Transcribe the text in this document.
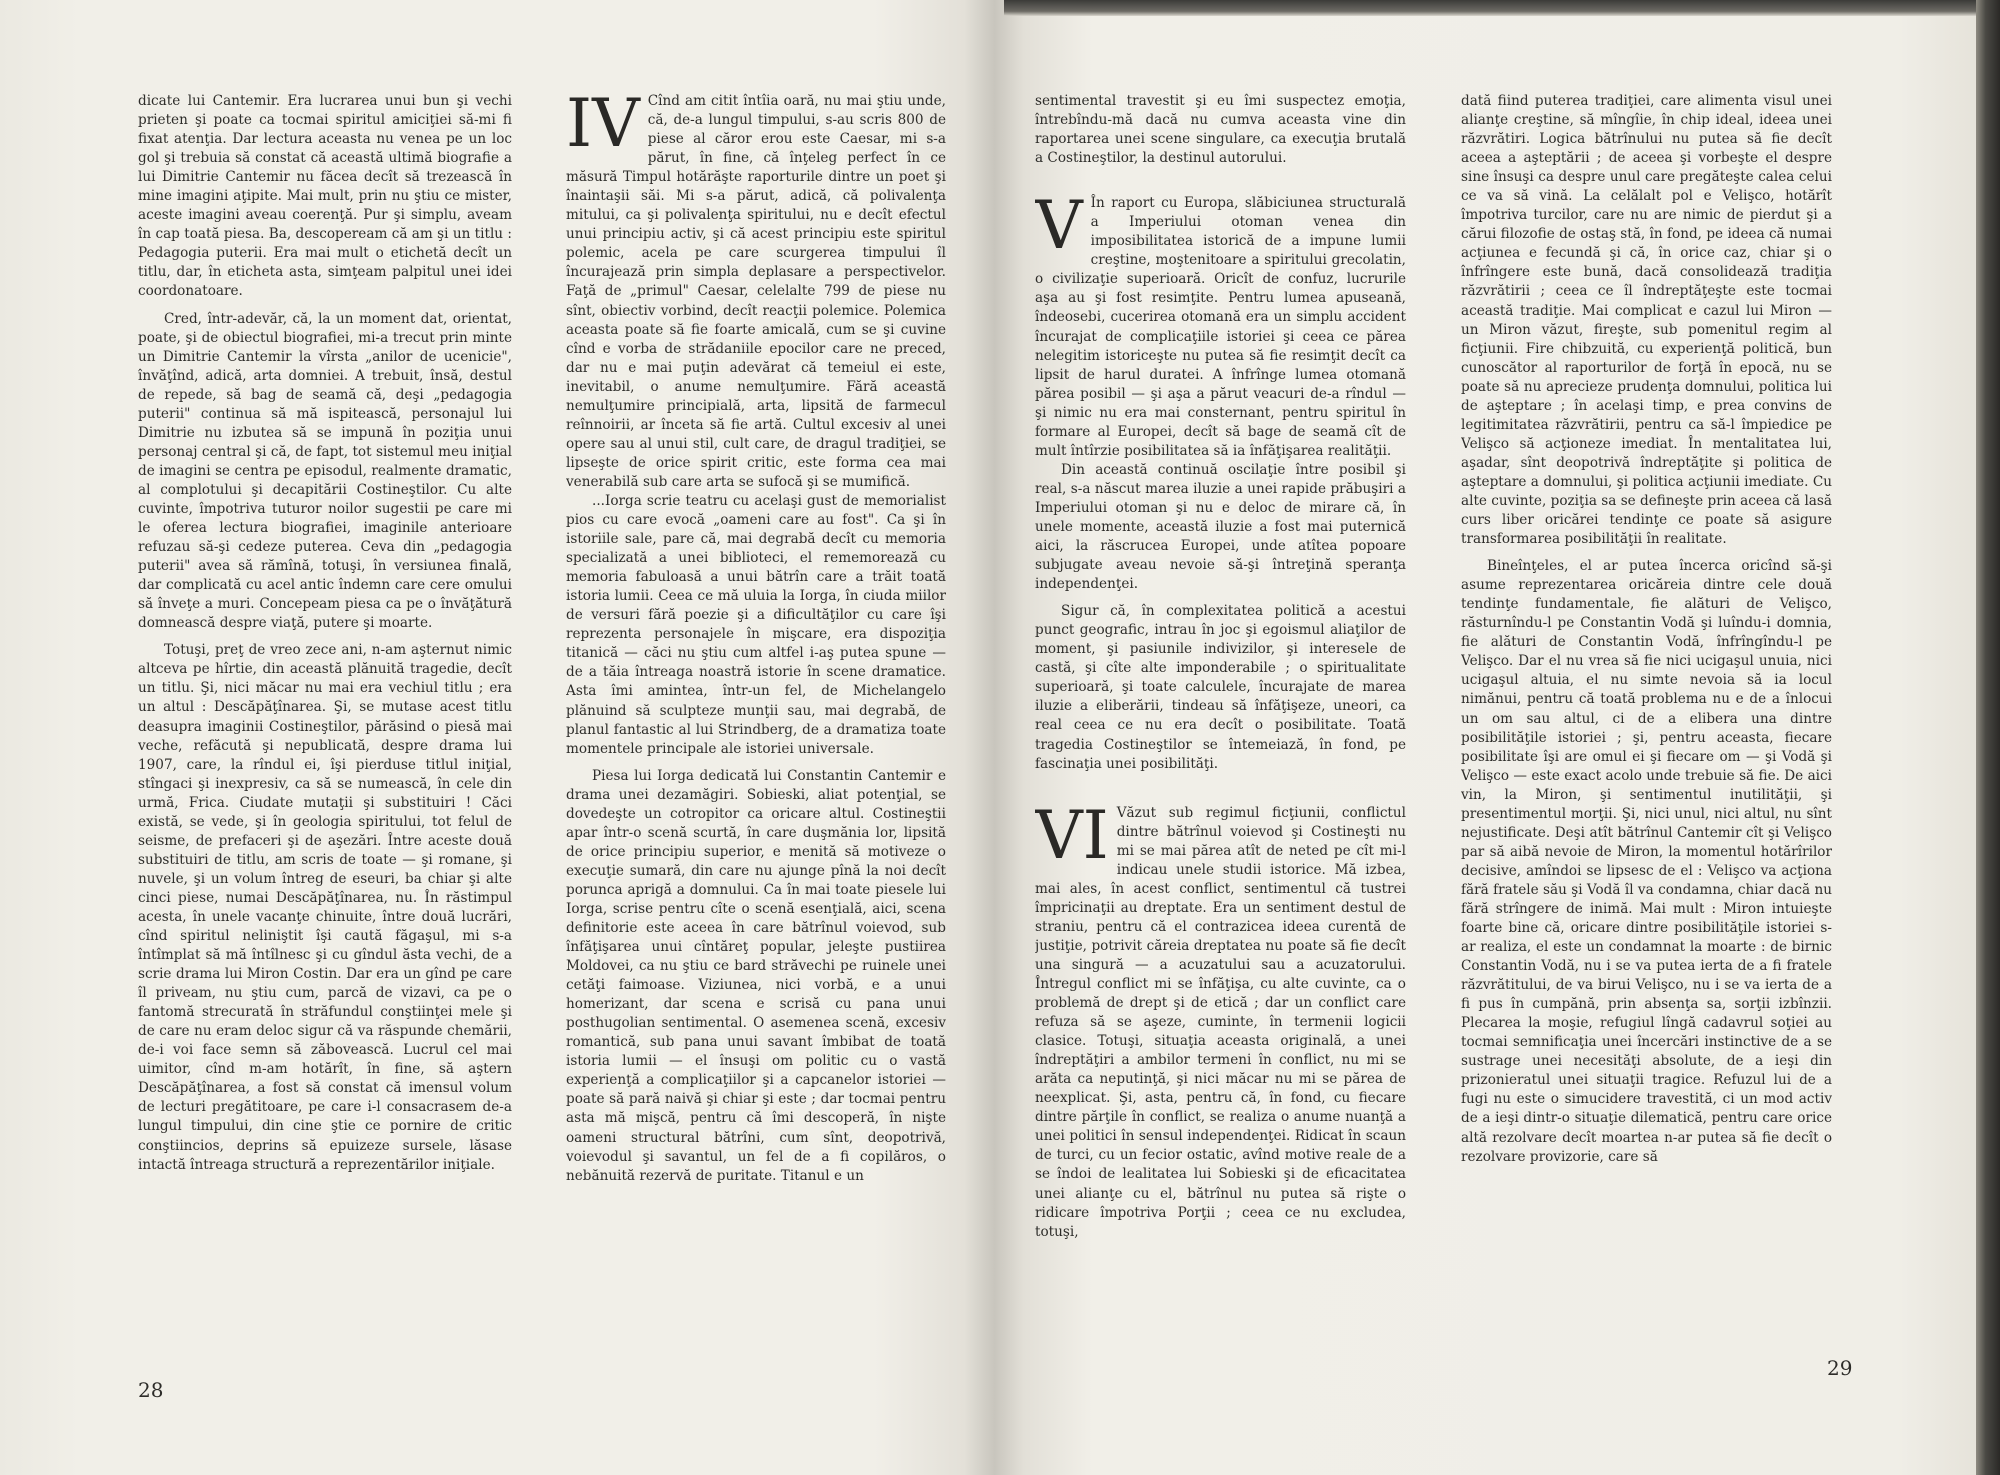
dicate lui Cantemir. Era lucrarea unui bun şi vechi prieten şi poate ca tocmai spiritul amiciţiei să-mi fi fixat atenţia. Dar lectura aceasta nu venea pe un loc gol şi trebuia să constat că această ultimă biografie a lui Dimitrie Cantemir nu făcea decît să trezească în mine imagini aţipite. Mai mult, prin nu ştiu ce mister, aceste imagini aveau coerenţă. Pur şi simplu, aveam în cap toată piesa. Ba, descopeream că am şi un titlu : Pedagogia puterii. Era mai mult o etichetă decît un titlu, dar, în eticheta asta, simţeam palpitul unei idei coordonatoare.

Cred, într-adevăr, că, la un moment dat, orientat, poate, şi de obiectul biografiei, mi-a trecut prin minte un Dimitrie Cantemir la vîrsta „anilor de ucenicie", învăţînd, adică, arta domniei. A trebuit, însă, destul de repede, să bag de seamă că, deşi „pedagogia puterii" continua să mă ispitească, personajul lui Dimitrie nu izbutea să se impună în poziţia unui personaj central şi că, de fapt, tot sistemul meu iniţial de imagini se centra pe episodul, realmente dramatic, al complotului şi decapitării Costineştilor. Cu alte cuvinte, împotriva tuturor noilor sugestii pe care mi le oferea lectura biografiei, imaginile anterioare refuzau să-şi cedeze puterea. Ceva din „pedagogia puterii" avea să rămînă, totuşi, în versiunea finală, dar complicată cu acel antic îndemn care cere omului să înveţe a muri. Concepeam piesa ca pe o învăţătură domnească despre viaţă, putere şi moarte.

Totuşi, preţ de vreo zece ani, n-am aşternut nimic altceva pe hîrtie, din această plănuită tragedie, decît un titlu. Şi, nici măcar nu mai era vechiul titlu ; era un altul : Descăpăţînarea. Şi, se mutase acest titlu deasupra imaginii Costineştilor, părăsind o piesă mai veche, refăcută şi nepublicată, despre drama lui 1907, care, la rîndul ei, îşi pierduse titlul iniţial, stîngaci şi inexpresiv, ca să se numească, în cele din urmă, Frica. Ciudate mutaţii şi substituiri ! Căci există, se vede, şi în geologia spiritului, tot felul de seisme, de prefaceri şi de aşezări. Între aceste două substituiri de titlu, am scris de toate — şi romane, şi nuvele, şi un volum întreg de eseuri, ba chiar şi alte cinci piese, numai Descăpăţînarea, nu. În răstimpul acesta, în unele vacanţe chinuite, între două lucrări, cînd spiritul neliniştit îşi caută făgaşul, mi s-a întîmplat să mă întîlnesc şi cu gîndul ăsta vechi, de a scrie drama lui Miron Costin. Dar era un gînd pe care îl priveam, nu ştiu cum, parcă de vizavi, ca pe o fantomă strecurată în străfundul conştiinţei mele şi de care nu eram deloc sigur că va răspunde chemării, de-i voi face semn să zăbovească. Lucrul cel mai uimitor, cînd m-am hotărît, în fine, să aştern Descăpăţînarea, a fost să constat că imensul volum de lecturi pregătitoare, pe care i-l consacrasem de-a lungul timpului, din cine ştie ce pornire de critic conştiincios, deprins să epuizeze sursele, lăsase intactă întreaga structură a reprezentărilor iniţiale.

IV Cînd am citit întîia oară, nu mai ştiu unde, că, de-a lungul timpului, s-au scris 800 de piese al căror erou este Caesar, mi s-a părut, în fine, că înţeleg perfect în ce măsură Timpul hotărăşte raporturile dintre un poet şi înaintaşii săi. Mi s-a părut, adică, că polivalenţa mitului, ca şi polivalenţa spiritului, nu e decît efectul unui principiu activ, şi că acest principiu este spiritul polemic, acela pe care scurgerea timpului îl încurajează prin simpla deplasare a perspectivelor. Faţă de „primul" Caesar, celelalte 799 de piese nu sînt, obiectiv vorbind, decît reacţii polemice. Polemica aceasta poate să fie foarte amicală, cum se şi cuvine cînd e vorba de strădaniile epocilor care ne preced, dar nu e mai puţin adevărat că temeiul ei este, inevitabil, o anume nemulţumire. Fără această nemulţumire principială, arta, lipsită de farmecul reînnoirii, ar înceta să fie artă. Cultul excesiv al unei opere sau al unui stil, cult care, de dragul tradiţiei, se lipseşte de orice spirit critic, este forma cea mai venerabilă sub care arta se sufocă şi se mumifică.

...Iorga scrie teatru cu acelaşi gust de memorialist pios cu care evocă „oameni care au fost". Ca şi în istoriile sale, pare că, mai degrabă decît cu memoria specializată a unei biblioteci, el rememorează cu memoria fabuloasă a unui bătrîn care a trăit toată istoria lumii. Ceea ce mă uluia la Iorga, în ciuda miilor de versuri fără poezie şi a dificultăţilor cu care îşi reprezenta personajele în mişcare, era dispoziţia titanică — căci nu ştiu cum altfel i-aş putea spune — de a tăia întreaga noastră istorie în scene dramatice. Asta îmi amintea, într-un fel, de Michelangelo plănuind să sculpteze munţii sau, mai degrabă, de planul fantastic al lui Strindberg, de a dramatiza toate momentele principale ale istoriei universale.

Piesa lui Iorga dedicată lui Constantin Cantemir e drama unei dezamăgiri. Sobieski, aliat potenţial, se dovedeşte un cotropitor ca oricare altul. Costineştii apar într-o scenă scurtă, în care duşmănia lor, lipsită de orice principiu superior, e menită să motiveze o execuţie sumară, din care nu ajunge pînă la noi decît porunca aprigă a domnului. Ca în mai toate piesele lui Iorga, scrise pentru cîte o scenă esenţială, aici, scena definitorie este aceea în care bătrînul voievod, sub înfăţişarea unui cîntăreţ popular, jeleşte pustiirea Moldovei, ca nu ştiu ce bard străvechi pe ruinele unei cetăţi faimoase. Viziunea, nici vorbă, e a unui homerizant, dar scena e scrisă cu pana unui posthugolian sentimental. O asemenea scenă, excesiv romantică, sub pana unui savant îmbibat de toată istoria lumii — el însuşi om politic cu o vastă experienţă a complicaţiilor şi a capcanelor istoriei — poate să pară naivă şi chiar şi este ; dar tocmai pentru asta mă mişcă, pentru că îmi descoperă, în nişte oameni structural bătrîni, cum sînt, deopotrivă, voievodul şi savantul, un fel de a fi copilăros, o nebănuită rezervă de puritate. Titanul e un

28

sentimental travestit şi eu îmi suspectez emoţia, întrebîndu-mă dacă nu cumva aceasta vine din raportarea unei scene singulare, ca execuţia brutală a Costineştilor, la destinul autorului.

V În raport cu Europa, slăbiciunea structurală a Imperiului otoman venea din imposibilitatea istorică de a impune lumii creştine, moştenitoare a spiritului grecolatin, o civilizaţie superioară. Oricît de confuz, lucrurile aşa au şi fost resimţite. Pentru lumea apuseană, îndeosebi, cucerirea otomană era un simplu accident încurajat de complicaţiile istoriei şi ceea ce părea nelegitim istoriceşte nu putea să fie resimţit decît ca lipsit de harul duratei. A înfrînge lumea otomană părea posibil — şi aşa a părut veacuri de-a rîndul — şi nimic nu era mai consternant, pentru spiritul în formare al Europei, decît să bage de seamă cît de mult întîrzie posibilitatea să ia înfăţişarea realităţii.

Din această continuă oscilaţie între posibil şi real, s-a născut marea iluzie a unei rapide prăbuşiri a Imperiului otoman şi nu e deloc de mirare că, în unele momente, această iluzie a fost mai puternică aici, la răscrucea Europei, unde atîtea popoare subjugate aveau nevoie să-şi întreţină speranţa independenţei.

Sigur că, în complexitatea politică a acestui punct geografic, intrau în joc şi egoismul aliaţilor de moment, şi pasiunile indivizilor, şi interesele de castă, şi cîte alte imponderabile ; o spiritualitate superioară, şi toate calculele, încurajate de marea iluzie a eliberării, tindeau să înfăţişeze, uneori, ca real ceea ce nu era decît o posibilitate. Toată tragedia Costineştilor se întemeiază, în fond, pe fascinaţia unei posibilităţi.

VI Văzut sub regimul ficţiunii, conflictul dintre bătrînul voievod şi Costineşti nu mi se mai părea atît de neted pe cît mi-l indicau unele studii istorice. Mă izbea, mai ales, în acest conflict, sentimentul că tustrei împricinaţii au dreptate. Era un sentiment destul de straniu, pentru că el contrazicea ideea curentă de justiţie, potrivit căreia dreptatea nu poate să fie decît una singură — a acuzatului sau a acuzatorului. Întregul conflict mi se înfăţişa, cu alte cuvinte, ca o problemă de drept şi de etică ; dar un conflict care refuza să se aşeze, cuminte, în termenii logicii clasice. Totuşi, situaţia aceasta originală, a unei îndreptăţiri a ambilor termeni în conflict, nu mi se arăta ca neputinţă, şi nici măcar nu mi se părea de neexplicat. Şi, asta, pentru că, în fond, cu fiecare dintre părţile în conflict, se realiza o anume nuanţă a unei politici în sensul independenţei. Ridicat în scaun de turci, cu un fecior ostatic, avînd motive reale de a se îndoi de lealitatea lui Sobieski şi de eficacitatea unei alianţe cu el, bătrînul nu putea să rişte o ridicare împotriva Porţii ; ceea ce nu excludea, totuşi,

dată fiind puterea tradiţiei, care alimenta visul unei alianţe creştine, să mîngîie, în chip ideal, ideea unei răzvrătiri. Logica bătrînului nu putea să fie decît aceea a aşteptării ; de aceea şi vorbeşte el despre sine însuşi ca despre unul care pregăteşte calea celui ce va să vină. La celălalt pol e Velişco, hotărît împotriva turcilor, care nu are nimic de pierdut şi a cărui filozofie de ostaş stă, în fond, pe ideea că numai acţiunea e fecundă şi că, în orice caz, chiar şi o înfrîngere este bună, dacă consolidează tradiţia răzvrătirii ; ceea ce îl îndreptăţeşte este tocmai această tradiţie. Mai complicat e cazul lui Miron — un Miron văzut, fireşte, sub pomenitul regim al ficţiunii. Fire chibzuită, cu experienţă politică, bun cunoscător al raporturilor de forţă în epocă, nu se poate să nu aprecieze prudenţa domnului, politica lui de aşteptare ; în acelaşi timp, e prea convins de legitimitatea răzvrătirii, pentru ca să-l împiedice pe Velişco să acţioneze imediat. În mentalitatea lui, aşadar, sînt deopotrivă îndreptăţite şi politica de aşteptare a domnului, şi politica acţiunii imediate. Cu alte cuvinte, poziţia sa se defineşte prin aceea că lasă curs liber oricărei tendinţe ce poate să asigure transformarea posibilităţii în realitate.

Bineînţeles, el ar putea încerca oricînd să-şi asume reprezentarea oricăreia dintre cele două tendinţe fundamentale, fie alături de Velişco, răsturnîndu-l pe Constantin Vodă şi luîndu-i domnia, fie alături de Constantin Vodă, înfrîngîndu-l pe Velişco. Dar el nu vrea să fie nici ucigaşul unuia, nici ucigaşul altuia, el nu simte nevoia să ia locul nimănui, pentru că toată problema nu e de a înlocui un om sau altul, ci de a elibera una dintre posibilităţile istoriei ; şi, pentru aceasta, fiecare posibilitate îşi are omul ei şi fiecare om — şi Vodă şi Velişco — este exact acolo unde trebuie să fie. De aici vin, la Miron, şi sentimentul inutilităţii, şi presentimentul morţii. Şi, nici unul, nici altul, nu sînt nejustificate. Deşi atît bătrînul Cantemir cît şi Velişco par să aibă nevoie de Miron, la momentul hotărîrilor decisive, amîndoi se lipsesc de el : Velişco va acţiona fără fratele său şi Vodă îl va condamna, chiar dacă nu fără strîngere de inimă. Mai mult : Miron intuieşte foarte bine că, oricare dintre posibilităţile istoriei s-ar realiza, el este un condamnat la moarte : de birnic Constantin Vodă, nu i se va putea ierta de a fi fratele răzvrătitului, de va birui Velişco, nu i se va ierta de a fi pus în cumpănă, prin absenţa sa, sorţii izbînzii. Plecarea la moşie, refugiul lîngă cadavrul soţiei au tocmai semnificaţia unei încercări instinctive de a se sustrage unei necesităţi absolute, de a ieşi din prizonieratul unei situaţii tragice. Refuzul lui de a fugi nu este o simucidere travestită, ci un mod activ de a ieşi dintr-o situaţie dilematică, pentru care orice altă rezolvare decît moartea n-ar putea să fie decît o rezolvare provizorie, care să

29
